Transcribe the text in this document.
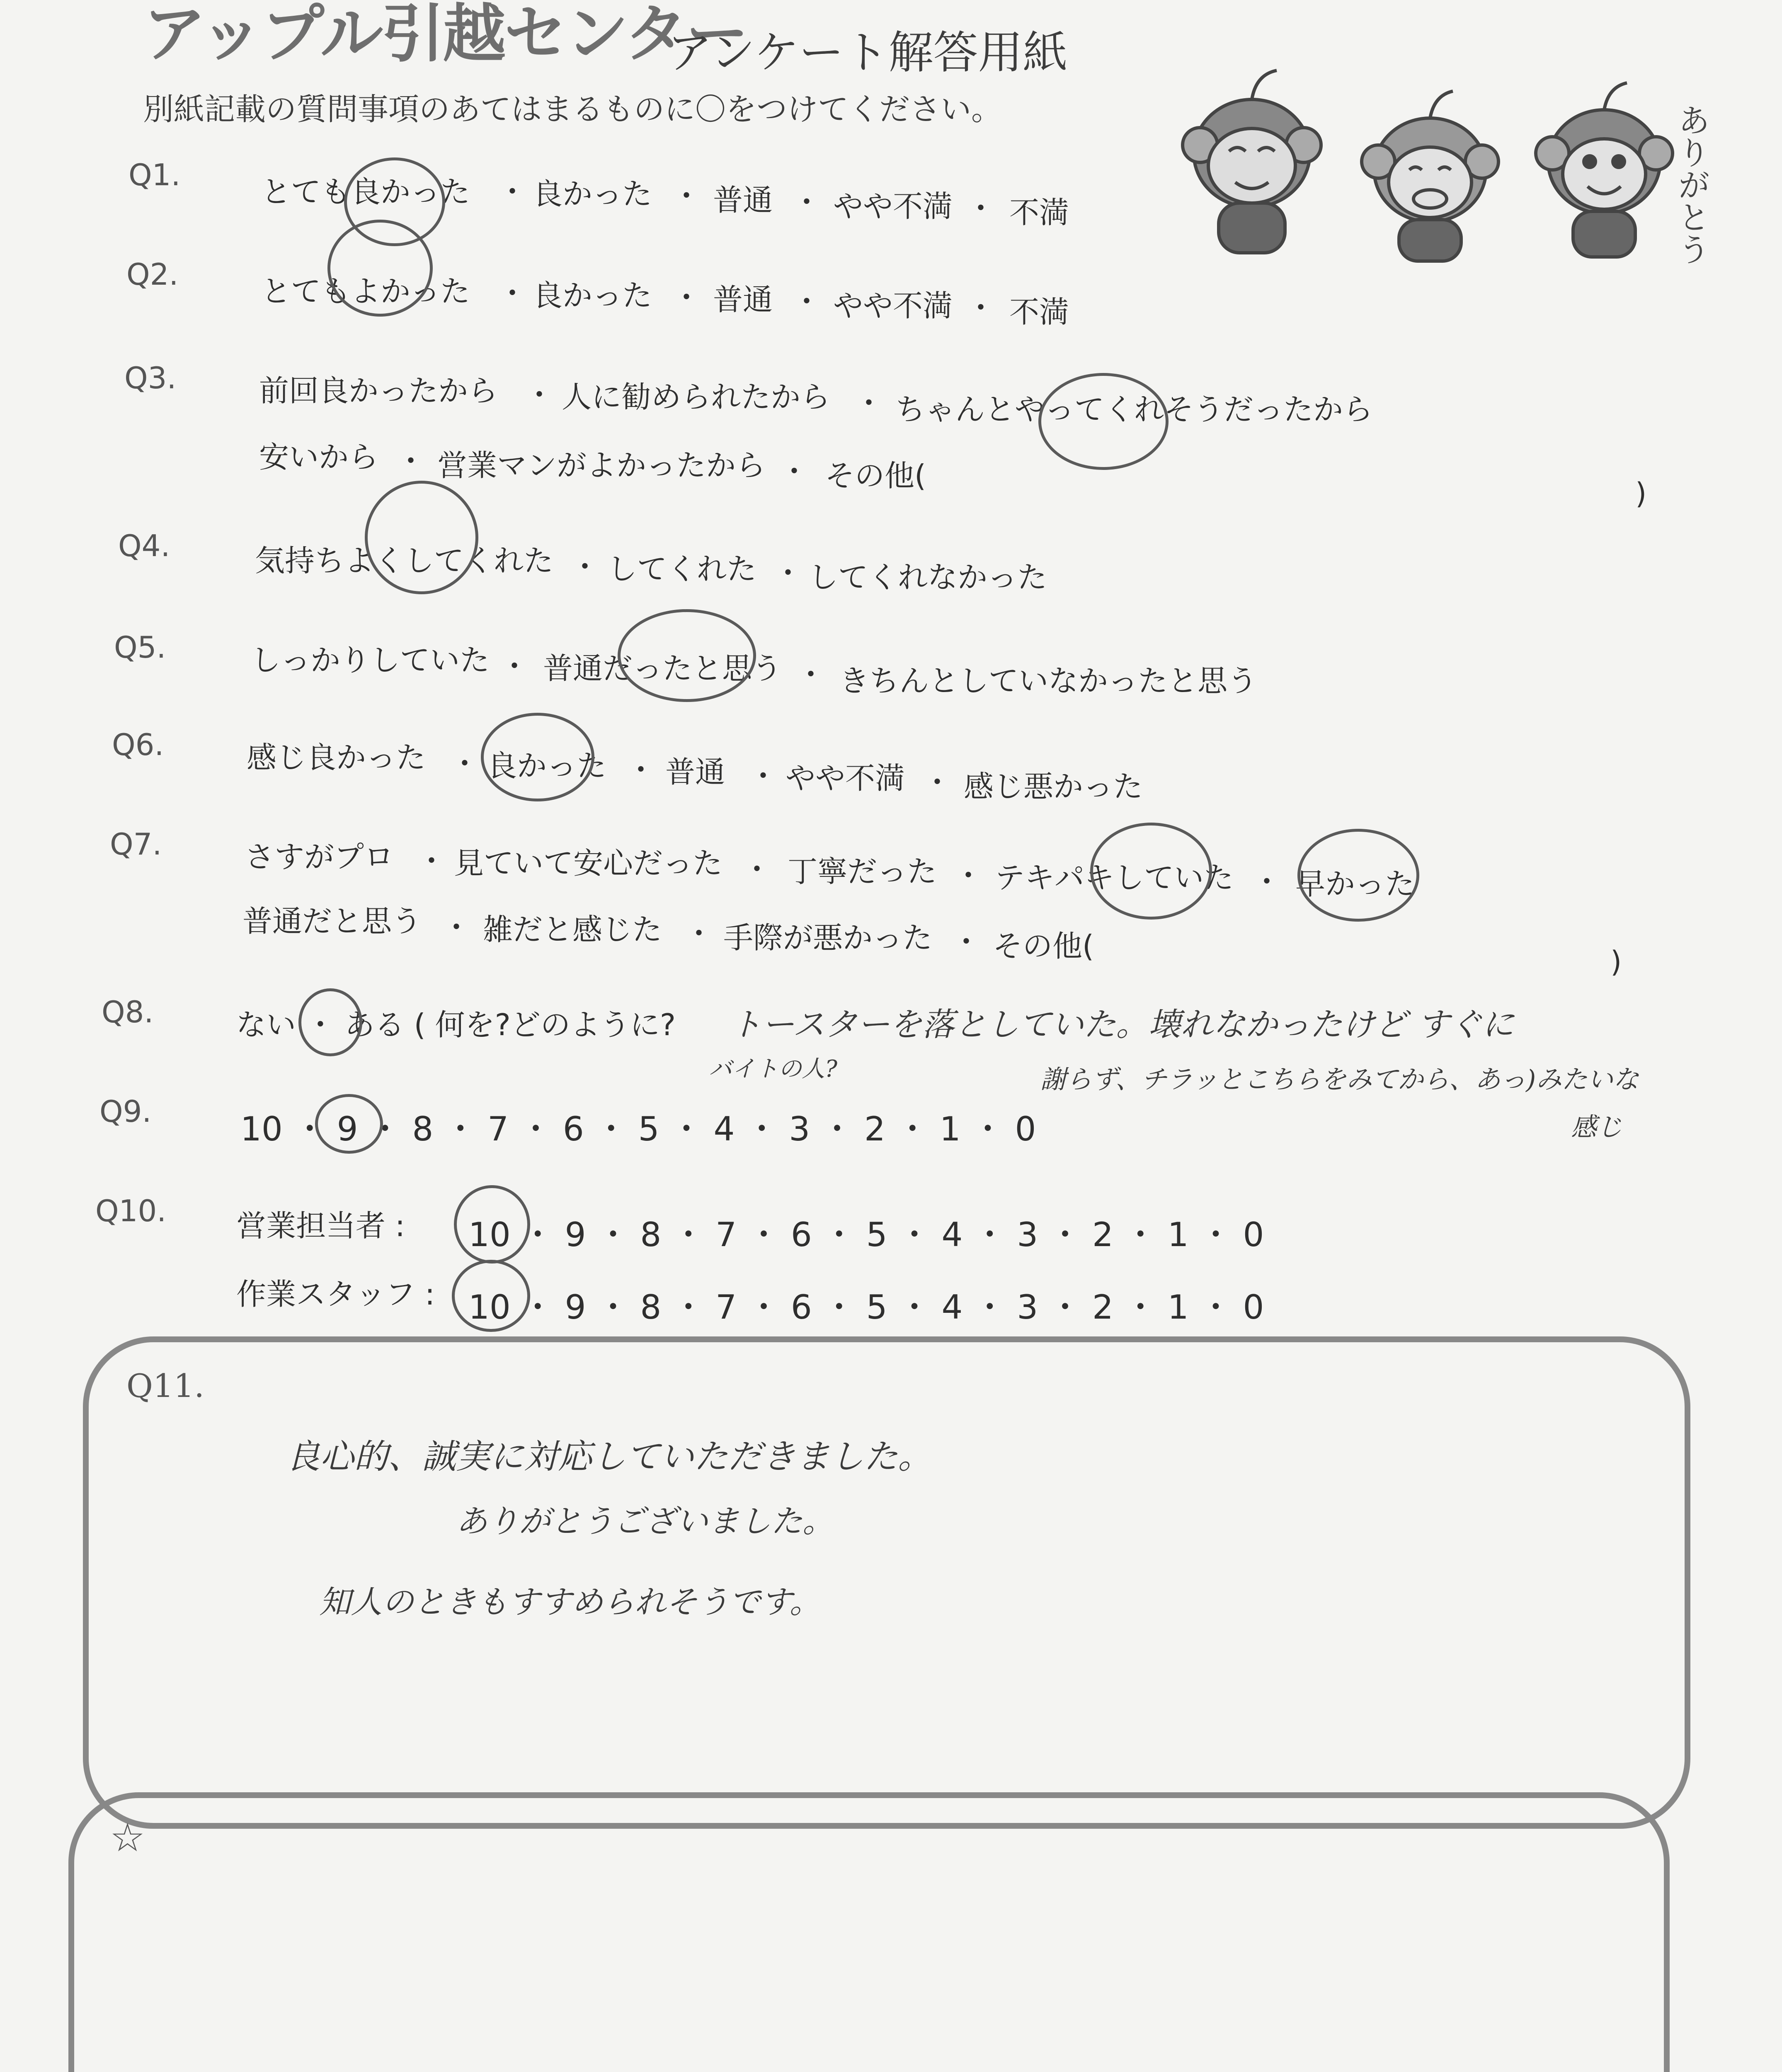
アップル引越センター
アンケート解答用紙
別紙記載の質問事項のあてはまるものに〇をつけてください。	ありがとう
Q1.	とても良かった ・ 良かった ・ 普通 ・ やや不満 ・ 不満
Q2.	とてもよかった ・ 良かった ・ 普通 ・ やや不満 ・ 不満
Q3.	前回良かったから ・ 人に勧められたから ・ ちゃんとやってくれそうだったから
安いから ・ 営業マンがよかったから ・ その他(
)
Q4.	気持ちよくしてくれた ・ してくれた ・ してくれなかった
Q5.	しっかりしていた ・ 普通だったと思う ・ きちんとしていなかったと思う
Q6.	感じ良かった ・ 良かった ・ 普通 ・ やや不満 ・ 感じ悪かった
Q7.	さすがプロ ・ 見ていて安心だった ・ 丁寧だった ・ テキパキしていた ・ 早かった
普通だと思う ・ 雑だと感じた ・ 手際が悪かった ・ その他(	)
Q8.	ない ・ ある ( 何を?どのように? トースターを落としていた。壊れなかったけど すぐに
バイトの人?	謝らず、チラッとこちらをみてから、あっ)みたいな
感じ
Q9.	10 ・ 9 ・ 8 ・ 7 ・ 6 ・ 5 ・ 4 ・ 3 ・ 2 ・ 1 ・ 0
Q10. 営業担当者 : 10 ・ 9 ・ 8 ・ 7 ・ 6 ・ 5 ・ 4 ・ 3 ・ 2 ・ 1 ・ 0
作業スタッフ : 10 ・ 9 ・ 8 ・ 7 ・ 6 ・ 5 ・ 4 ・ 3 ・ 2 ・ 1 ・ 0
Q11.
良心的、誠実に対応していただきました。
ありがとうございました。
知人のときもすすめられそうです。
☆
